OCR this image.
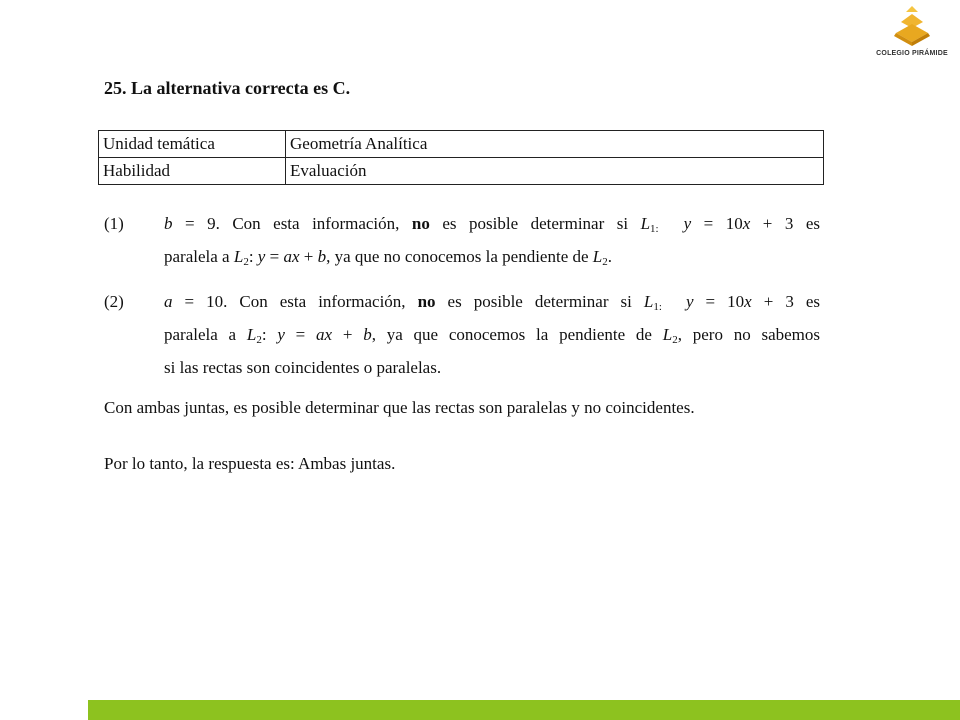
COLEGIO PIRÁMIDE
25. La alternativa correcta es C.
Unidad temática	Geometría Analítica
Habilidad	Evaluación
(1) b = 9. Con esta información, no es posible determinar si $L_{1:}$ y = 10x + 3 es
paralela a $L_2$: y = ax + b, ya que no conocemos la pendiente de $L_2$.
(2) a = 10. Con esta información, no es posible determinar si $L_{1:}$ y = 10x + 3 es
paralela a $L_2$: y = ax + b, ya que conocemos la pendiente de $L_2$, pero no sabemos
si las rectas son coincidentes o paralelas.
Con ambas juntas, es posible determinar que las rectas son paralelas y no coincidentes.
Por lo tanto, la respuesta es: Ambas juntas.
